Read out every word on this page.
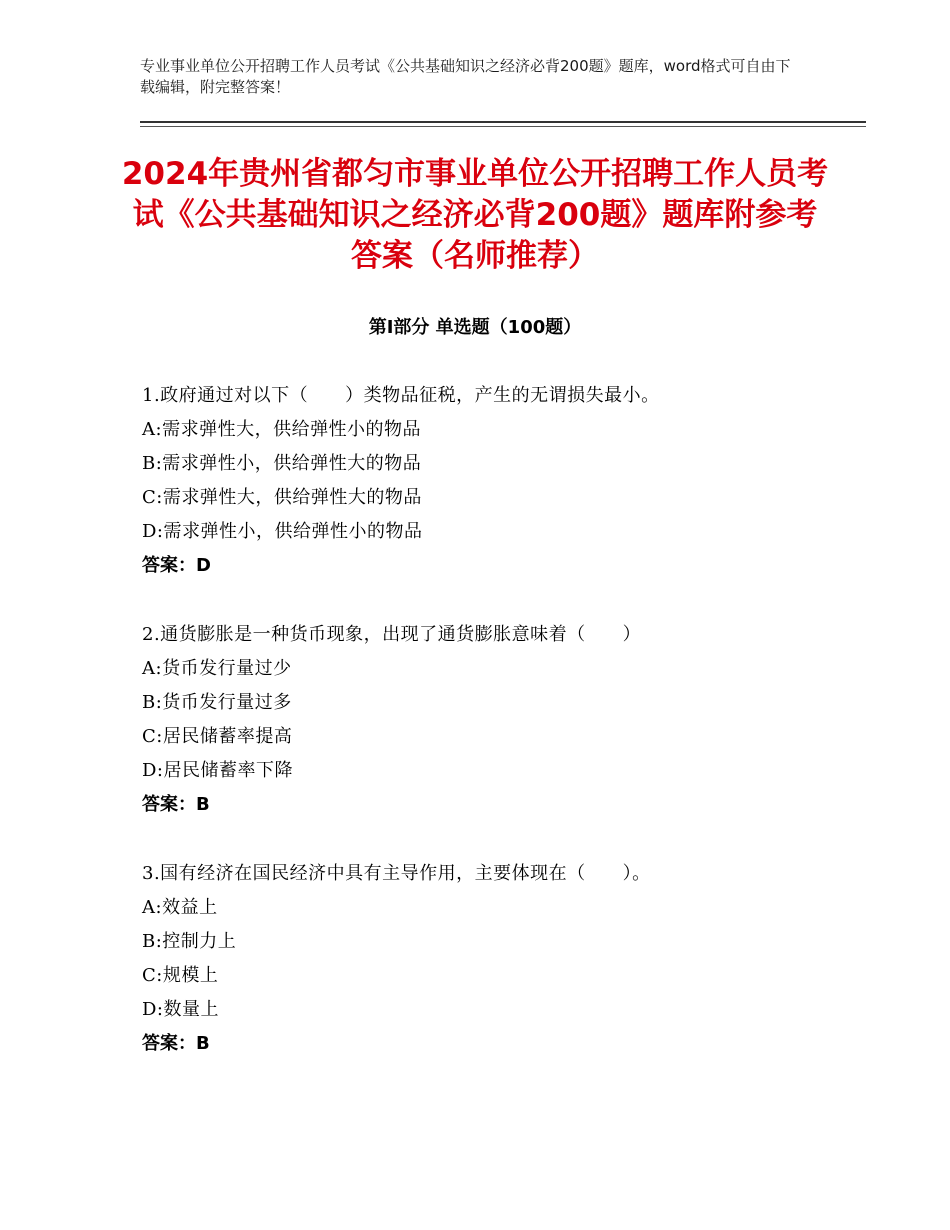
专业事业单位公开招聘工作人员考试《公共基础知识之经济必背200题》题库，word格式可自由下载编辑，附完整答案！
2024年贵州省都匀市事业单位公开招聘工作人员考试《公共基础知识之经济必背200题》题库附参考答案（名师推荐）
第Ⅰ部分 单选题（100题）
1.政府通过对以下（　　）类物品征税，产生的无谓损失最小。
A:需求弹性大，供给弹性小的物品
B:需求弹性小，供给弹性大的物品
C:需求弹性大，供给弹性大的物品
D:需求弹性小，供给弹性小的物品
答案：D
2.通货膨胀是一种货币现象，出现了通货膨胀意味着（　　）
A:货币发行量过少
B:货币发行量过多
C:居民储蓄率提高
D:居民储蓄率下降
答案：B
3.国有经济在国民经济中具有主导作用，主要体现在（　　）。
A:效益上
B:控制力上
C:规模上
D:数量上
答案：B
